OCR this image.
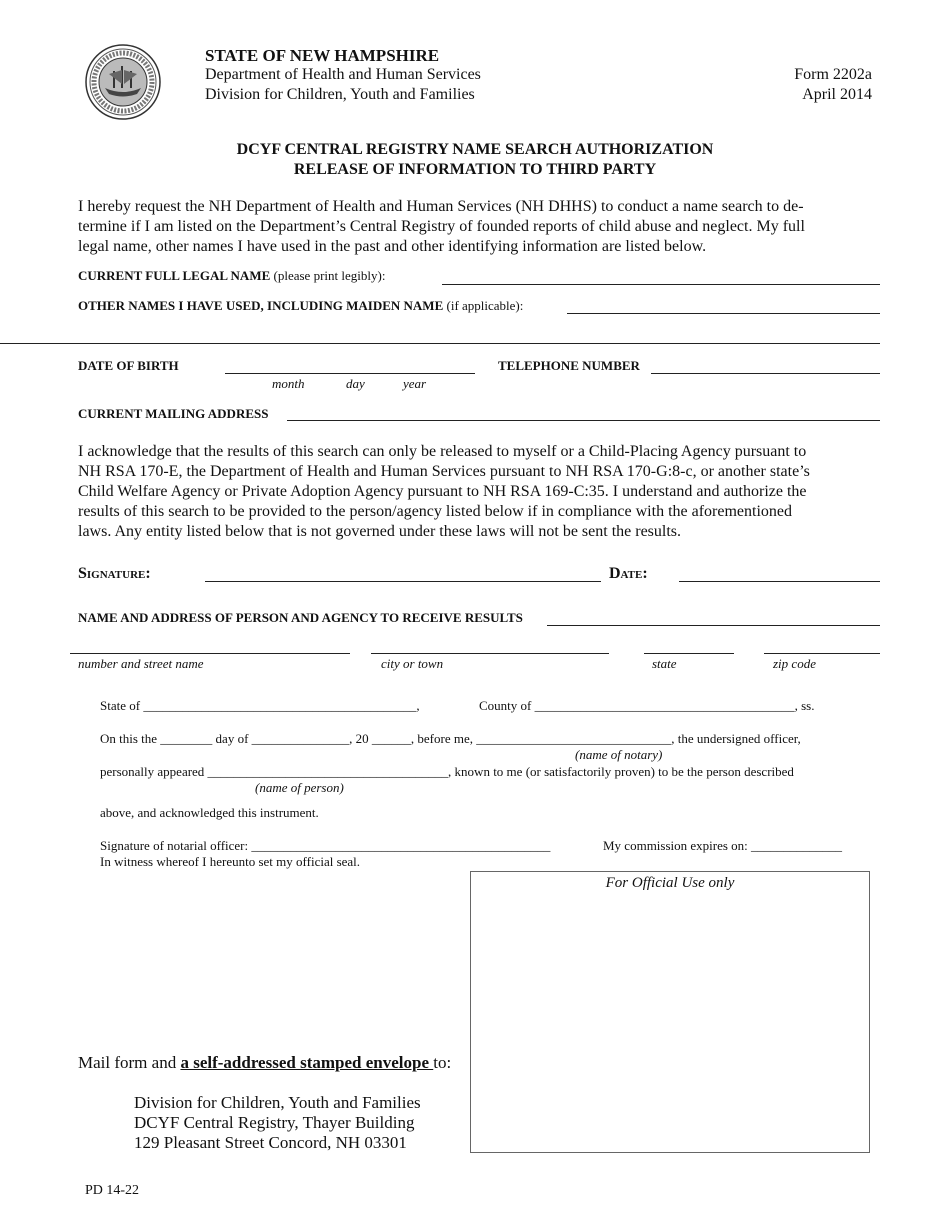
STATE OF NEW HAMPSHIRE
Department of Health and Human Services
Division for Children, Youth and Families
Form 2202a
April 2014
DCYF CENTRAL REGISTRY NAME SEARCH AUTHORIZATION
RELEASE OF INFORMATION TO THIRD PARTY
I hereby request the NH Department of Health and Human Services (NH DHHS) to conduct a name search to de-
termine if I am listed on the Department’s Central Registry of founded reports of child abuse and neglect. My full
legal name, other names I have used in the past and other identifying information are listed below.
CURRENT FULL LEGAL NAME (please print legibly):
OTHER NAMES I HAVE USED, INCLUDING MAIDEN NAME (if applicable):
DATE OF BIRTH
month	day	year
TELEPHONE NUMBER
CURRENT MAILING ADDRESS
I acknowledge that the results of this search can only be released to myself or a Child-Placing Agency pursuant to
NH RSA 170-E, the Department of Health and Human Services pursuant to NH RSA 170-G:8-c, or another state’s
Child Welfare Agency or Private Adoption Agency pursuant to NH RSA 169-C:35. I understand and authorize the
results of this search to be provided to the person/agency listed below if in compliance with the aforementioned
laws. Any entity listed below that is not governed under these laws will not be sent the results.
Signature:	Date:
NAME AND ADDRESS OF PERSON AND AGENCY TO RECEIVE RESULTS
number and street name	city or town	state	zip code
State of __________________________________________,	County of ________________________________________, ss.
On this the ________ day of _______________, 20 ______, before me, ______________________________, the undersigned officer,
(name of notary)
personally appeared _____________________________________, known to me (or satisfactorily proven) to be the person described
(name of person)
above, and acknowledged this instrument.
Signature of notarial officer: ______________________________________________	My commission expires on: ______________
In witness whereof I hereunto set my official seal.
For Official Use only
Mail form and a self-addressed stamped envelope to:
Division for Children, Youth and Families
DCYF Central Registry, Thayer Building
129 Pleasant Street Concord, NH 03301
PD 14-22
